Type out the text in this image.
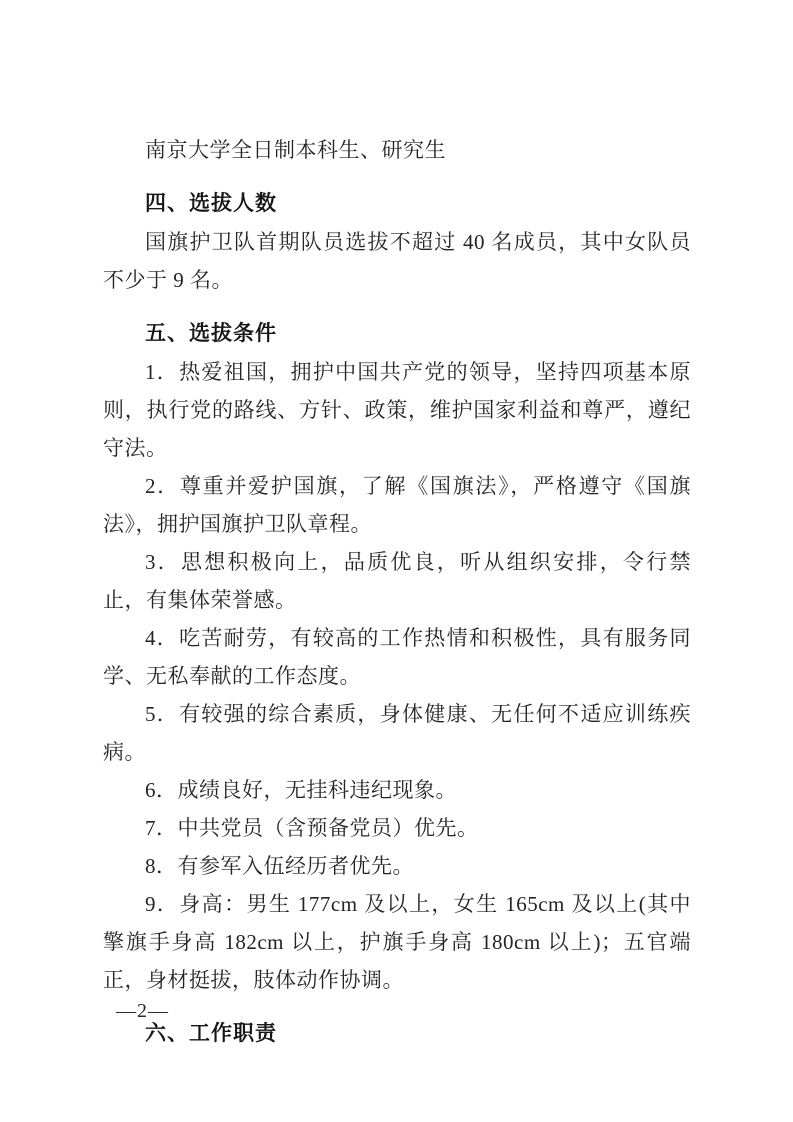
南京大学全日制本科生、研究生

四、选拔人数

国旗护卫队首期队员选拔不超过 40 名成员，其中女队员不少于 9 名。

五、选拔条件

1．热爱祖国，拥护中国共产党的领导，坚持四项基本原则，执行党的路线、方针、政策，维护国家利益和尊严，遵纪守法。

2．尊重并爱护国旗，了解《国旗法》，严格遵守《国旗法》，拥护国旗护卫队章程。

3．思想积极向上，品质优良，听从组织安排，令行禁止，有集体荣誉感。

4．吃苦耐劳，有较高的工作热情和积极性，具有服务同学、无私奉献的工作态度。

5．有较强的综合素质，身体健康、无任何不适应训练疾病。

6．成绩良好，无挂科违纪现象。

7．中共党员（含预备党员）优先。

8．有参军入伍经历者优先。

9．身高：男生 177cm 及以上，女生 165cm 及以上(其中擎旗手身高 182cm 以上，护旗手身高 180cm 以上)；五官端正，身材挺拔，肢体动作协调。

六、工作职责
—2—
